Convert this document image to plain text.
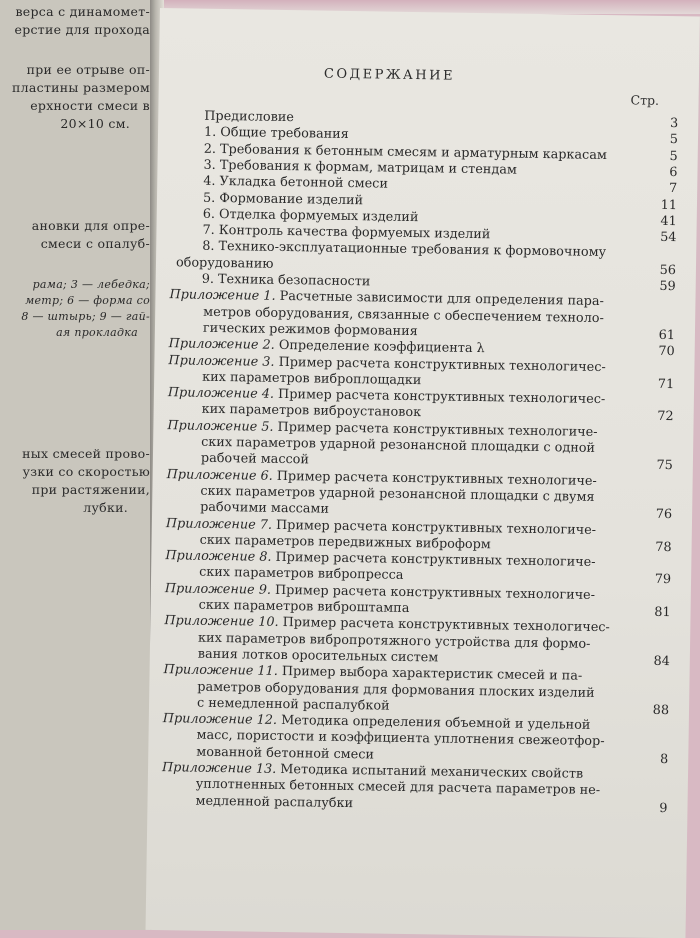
верса с динамомет-
ерстие для прохода
при ее отрыве оп-
пластины размером
ерхности смеси в
20×10 см.
ановки для опре-
смеси с опалуб-
рама; 3 — лебедка;
метр; 6 — форма со
8 — штырь; 9 — гай-
ая прокладка
ных смесей прово-
узки со скоростью
при растяжении,
лубки.
СОДЕРЖАНИЕ
Стр.
Предисловие	3
1. Общие требования	5
2. Требования к бетонным смесям и арматурным каркасам	5
3. Требования к формам, матрицам и стендам	6
4. Укладка бетонной смеси	7
5. Формование изделий	11
6. Отделка формуемых изделий	41
7. Контроль качества формуемых изделий	54
8. Технико-эксплуатационные требования к формовочному
оборудованию	56
9. Техника безопасности	59
Приложение 1. Расчетные зависимости для определения пара-
метров оборудования, связанные с обеспечением техноло-
гических режимов формования	61
Приложение 2. Определение коэффициента λ	70
Приложение 3. Пример расчета конструктивных технологичес-
ких параметров виброплощадки	71
Приложение 4. Пример расчета конструктивных технологичес-
ких параметров виброустановок	72
Приложение 5. Пример расчета конструктивных технологиче-
ских параметров ударной резонансной площадки с одной
рабочей массой	75
Приложение 6. Пример расчета конструктивных технологиче-
ских параметров ударной резонансной площадки с двумя
рабочими массами	76
Приложение 7. Пример расчета конструктивных технологиче-
ских параметров передвижных виброформ	78
Приложение 8. Пример расчета конструктивных технологиче-
ских параметров вибропресса	79
Приложение 9. Пример расчета конструктивных технологиче-
ских параметров виброштампа	81
Приложение 10. Пример расчета конструктивных технологичес-
ких параметров вибропротяжного устройства для формо-
вания лотков оросительных систем	84
Приложение 11. Пример выбора характеристик смесей и па-
раметров оборудования для формования плоских изделий
с немедленной распалубкой	88
Приложение 12. Методика определения объемной и удельной
масс, пористости и коэффициента уплотнения свежеотфор-
мованной бетонной смеси	8
Приложение 13. Методика испытаний механических свойств
уплотненных бетонных смесей для расчета параметров не-
медленной распалубки	9
